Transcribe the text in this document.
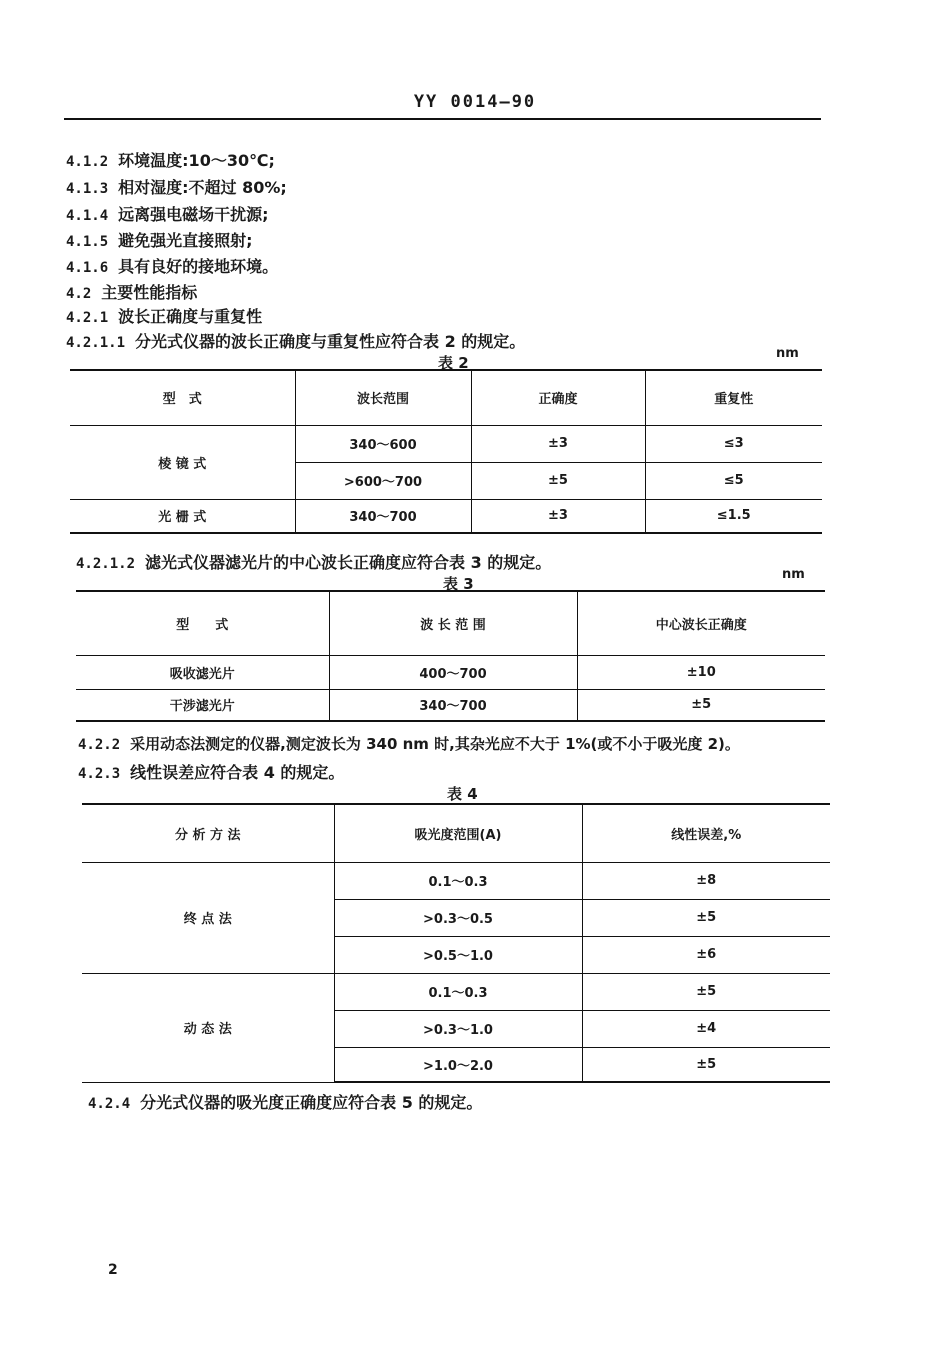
YY 0014—90
4.1.2 环境温度:10～30℃;
4.1.3 相对湿度:不超过 80%;
4.1.4 远离强电磁场干扰源;
4.1.5 避免强光直接照射;
4.1.6 具有良好的接地环境。
4.2 主要性能指标
4.2.1 波长正确度与重复性
4.2.1.1 分光式仪器的波长正确度与重复性应符合表 2 的规定。
表 2
nm
型　式	波长范围	正确度	重复性
棱 镜 式	340～600	±3	≤3
	>600～700	±5	≤5
光 栅 式	340～700	±3	≤1.5
4.2.1.2 滤光式仪器滤光片的中心波长正确度应符合表 3 的规定。
表 3
nm
型　　式	波 长 范 围	中心波长正确度
吸收滤光片	400～700	±10
干涉滤光片	340～700	±5
4.2.2 采用动态法测定的仪器,测定波长为 340 nm 时,其杂光应不大于 1%(或不小于吸光度 2)。
4.2.3 线性误差应符合表 4 的规定。
表 4
分 析 方 法	吸光度范围(A)	线性误差,%
终 点 法	0.1～0.3	±8
	>0.3～0.5	±5
	>0.5～1.0	±6
动 态 法	0.1～0.3	±5
	>0.3～1.0	±4
	>1.0～2.0	±5
4.2.4 分光式仪器的吸光度正确度应符合表 5 的规定。
2
